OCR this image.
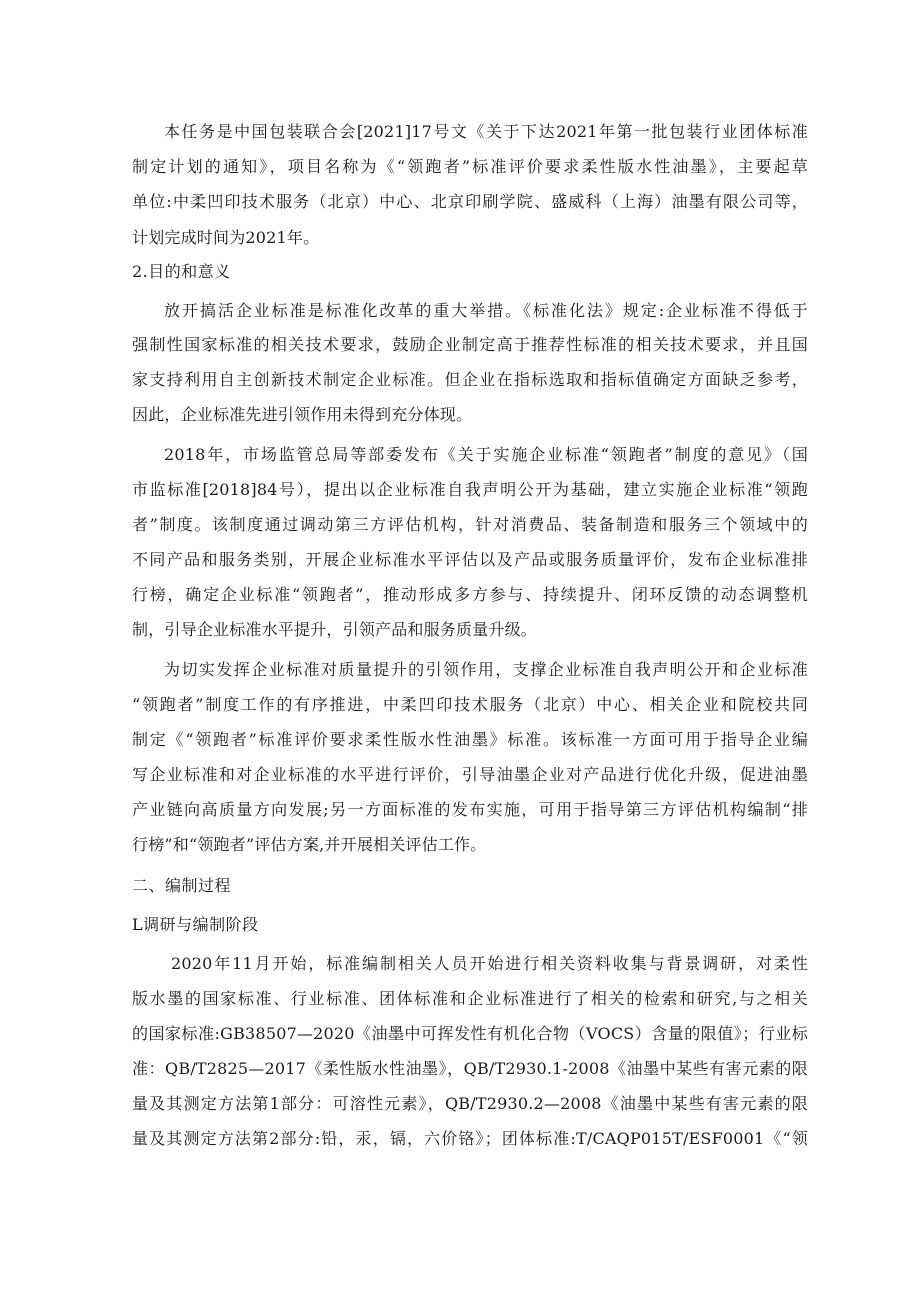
本任务是中国包装联合会[2021]17号文《关于下达2021年第一批包装行业团体标准
制定计划的通知》，项目名称为《“领跑者”标准评价要求柔性版水性油墨》，主要起草
单位:中柔凹印技术服务（北京）中心、北京印刷学院、盛威科（上海）油墨有限公司等，
计划完成时间为2021年。
2.目的和意义
放开搞活企业标准是标准化改革的重大举措。《标准化法》规定:企业标准不得低于
强制性国家标准的相关技术要求，鼓励企业制定高于推荐性标准的相关技术要求，并且国
家支持利用自主创新技术制定企业标准。但企业在指标选取和指标值确定方面缺乏参考，
因此，企业标准先进引领作用未得到充分体现。
2018年，市场监管总局等部委发布《关于实施企业标准“领跑者”制度的意见》（国
市监标准[2018]84号），提出以企业标准自我声明公开为基础，建立实施企业标准“领跑
者”制度。该制度通过调动第三方评估机构，针对消费品、装备制造和服务三个领域中的
不同产品和服务类别，开展企业标准水平评估以及产品或服务质量评价，发布企业标准排
行榜，确定企业标准“领跑者”，推动形成多方参与、持续提升、闭环反馈的动态调整机
制，引导企业标准水平提升，引领产品和服务质量升级。
为切实发挥企业标准对质量提升的引领作用，支撑企业标准自我声明公开和企业标准
“领跑者”制度工作的有序推进，中柔凹印技术服务（北京）中心、相关企业和院校共同
制定《“领跑者”标准评价要求柔性版水性油墨》标准。该标准一方面可用于指导企业编
写企业标准和对企业标准的水平进行评价，引导油墨企业对产品进行优化升级，促进油墨
产业链向高质量方向发展;另一方面标准的发布实施，可用于指导第三方评估机构编制“排
行榜”和“领跑者”评估方案,并开展相关评估工作。
二、编制过程
L调研与编制阶段
2020年11月开始，标准编制相关人员开始进行相关资料收集与背景调研，对柔性
版水墨的国家标准、行业标准、团体标准和企业标准进行了相关的检索和研究,与之相关
的国家标准:GB38507—2020《油墨中可挥发性有机化合物（VOCS）含量的限值》；行业标
准：QB/T2825—2017《柔性版水性油墨》，QB/T2930.1-2008《油墨中某些有害元素的限
量及其测定方法第1部分：可溶性元素》，QB/T2930.2—2008《油墨中某些有害元素的限
量及其测定方法第2部分:铅，汞，镉，六价铬》；团体标准:T/CAQP015T/ESF0001《“领
